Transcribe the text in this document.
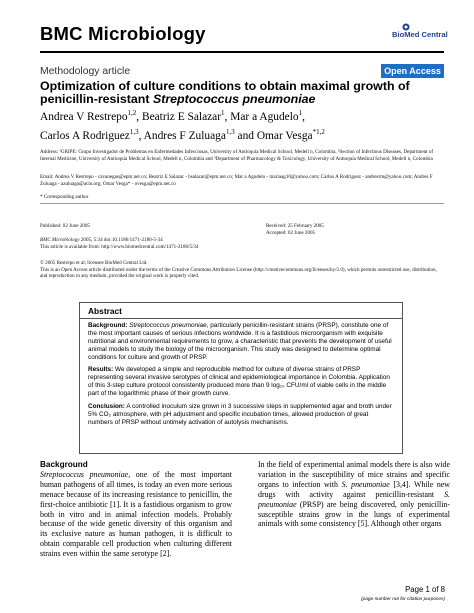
BMC Microbiology	BioMed Central
Methodology article	Open Access
Optimization of culture conditions to obtain maximal growth of penicillin-resistant Streptococcus pneumoniae
Andrea V Restrepo$^{1,2}$, Beatriz E Salazar$^1$, Mar a Agudelo$^1$,
Carlos A Rodriguez$^{1,3}$, Andres F Zuluaga$^{1,3}$ and Omar Vesga$^{*1,2}$
Address: ¹GRIPE: Grupo Investigador de Problemas en Enfermedades Infecciosas, University of Antioquia Medical School, Medell n, Colombia, ²Section of Infectious Diseases, Department of Internal Medicine, University of Antioquia Medical School, Medell n, Colombia and ³Department of Pharmacology & Toxicology, University of Antioquia Medical School, Medell n, Colombia
Email: Andrea V Restrepo - cavanegas@epm.net.co; Beatriz E Salazar - bsalazar@epm.net.co; Mar a Agudelo - mariaag10@yahoo.com; Carlos A Rodriguez - andresrm@yahoo.com; Andres F Zuluaga - azuluaga@acin.org; Omar Vesga* - ovesga@epm.net.co
* Corresponding author
Published: 02 June 2005	Received: 25 February 2005
Accepted: 02 June 2005
BMC Microbiology 2005, 5:34 doi:10.1186/1471-2180-5-34
This article is available from: http://www.biomedcentral.com/1471-2180/5/34
© 2005 Restrepo et al; licensee BioMed Central Ltd.
This is an Open Access article distributed under the terms of the Creative Commons Attribution License (http://creativecommons.org/licenses/by/2.0), which permits unrestricted use, distribution, and reproduction in any medium, provided the original work is properly cited.
Abstract
Background: Streptococcus pneumoniae, particularly penicillin-resistant strains (PRSP), constitute one of the most important causes of serious infections worldwide. It is a fastidious microorganism with exquisite nutritional and environmental requirements to grow, a characteristic that prevents the development of useful animal models to study the biology of the microorganism. This study was designed to determine optimal conditions for culture and growth of PRSP.
Results: We developed a simple and reproducible method for culture of diverse strains of PRSP representing several invasive serotypes of clinical and epidemiological importance in Colombia. Application of this 3-step culture protocol consistently produced more than 9 log₁₀ CFU/ml of viable cells in the middle part of the logarithmic phase of their growth curve.
Conclusion: A controlled inoculum size grown in 3 successive steps in supplemented agar and broth under 5% CO₂ atmosphere, with pH adjustment and specific incubation times, allowed production of great numbers of PRSP without untimely activation of autolysis mechanisms.
Background
Streptococcus pneumoniae, one of the most important human pathogens of all times, is today an even more serious menace because of its increasing resistance to penicillin, the first-choice antibiotic [1]. It is a fastidious organism to grow both in vitro and in animal infection models. Probably because of the wide genetic diversity of this organism and its exclusive nature as human pathogen, it is difficult to obtain comparable cell production when culturing different strains even within the same serotype [2].
In the field of experimental animal models there is also wide variation in the susceptibility of mice strains and specific organs to infection with S. pneumoniae [3,4]. While new drugs with activity against penicillin-resistant S. pneumoniae (PRSP) are being discovered, only penicillin-susceptible strains grow in the lungs of experimental animals with some consistency [5]. Although other organs
Page 1 of 8
(page number not for citation purposes)
